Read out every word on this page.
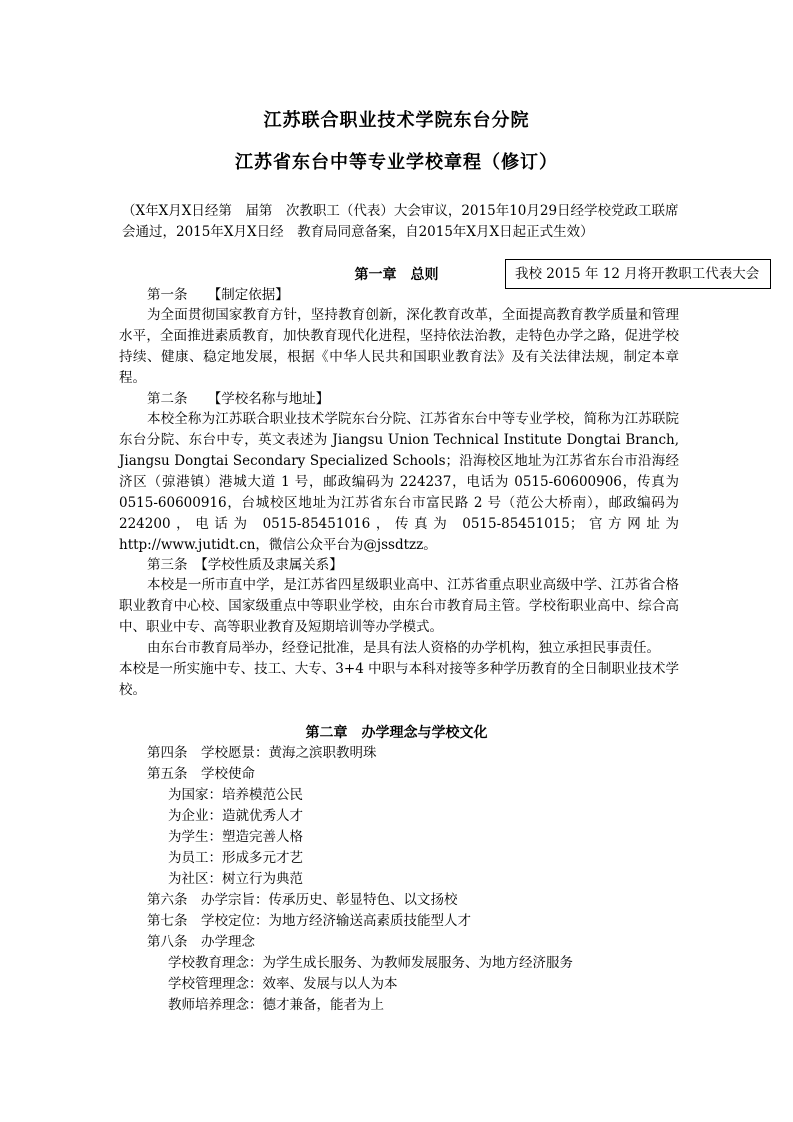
江苏联合职业技术学院东台分院
江苏省东台中等专业学校章程（修订）
（X年X月X日经第　届第　次教职工（代表）大会审议，2015年10月29日经学校党政工联席会通过，2015年X月X日经　教育局同意备案，自2015年X月X日起正式生效）
第一章　总则	我校 2015 年 12 月将开教职工代表大会
第一条　　【制定依据】
为全面贯彻国家教育方针，坚持教育创新，深化教育改革，全面提高教育教学质量和管理水平，全面推进素质教育，加快教育现代化进程，坚持依法治教，走特色办学之路，促进学校持续、健康、稳定地发展，根据《中华人民共和国职业教育法》及有关法律法规，制定本章程。
第二条　　【学校名称与地址】
本校全称为江苏联合职业技术学院东台分院、江苏省东台中等专业学校，简称为江苏联院东台分院、东台中专，英文表述为 Jiangsu Union Technical Institute Dongtai Branch, Jiangsu Dongtai Secondary Specialized Schools；沿海校区地址为江苏省东台市沿海经济区（弶港镇）港城大道 1 号，邮政编码为 224237，电话为 0515-60600906，传真为 0515-60600916，台城校区地址为江苏省东台市富民路 2 号（范公大桥南），邮政编码为 224200，电话为 0515-85451016，传真为 0515-85451015；官方网址为 http://www.jutidt.cn，微信公众平台为@jssdtzz。
第三条　【学校性质及隶属关系】
本校是一所市直中学，是江苏省四星级职业高中、江苏省重点职业高级中学、江苏省合格职业教育中心校、国家级重点中等职业学校，由东台市教育局主管。学校衔职业高中、综合高中、职业中专、高等职业教育及短期培训等办学模式。
由东台市教育局举办，经登记批准，是具有法人资格的办学机构，独立承担民事责任。
本校是一所实施中专、技工、大专、3+4 中职与本科对接等多种学历教育的全日制职业技术学校。
第二章　办学理念与学校文化
第四条　学校愿景：黄海之滨职教明珠
第五条　学校使命
为国家：培养模范公民
为企业：造就优秀人才
为学生：塑造完善人格
为员工：形成多元才艺
为社区：树立行为典范
第六条　办学宗旨：传承历史、彰显特色、以文扬校
第七条　学校定位：为地方经济输送高素质技能型人才
第八条　办学理念
学校教育理念：为学生成长服务、为教师发展服务、为地方经济服务
学校管理理念：效率、发展与以人为本
教师培养理念：德才兼备，能者为上
